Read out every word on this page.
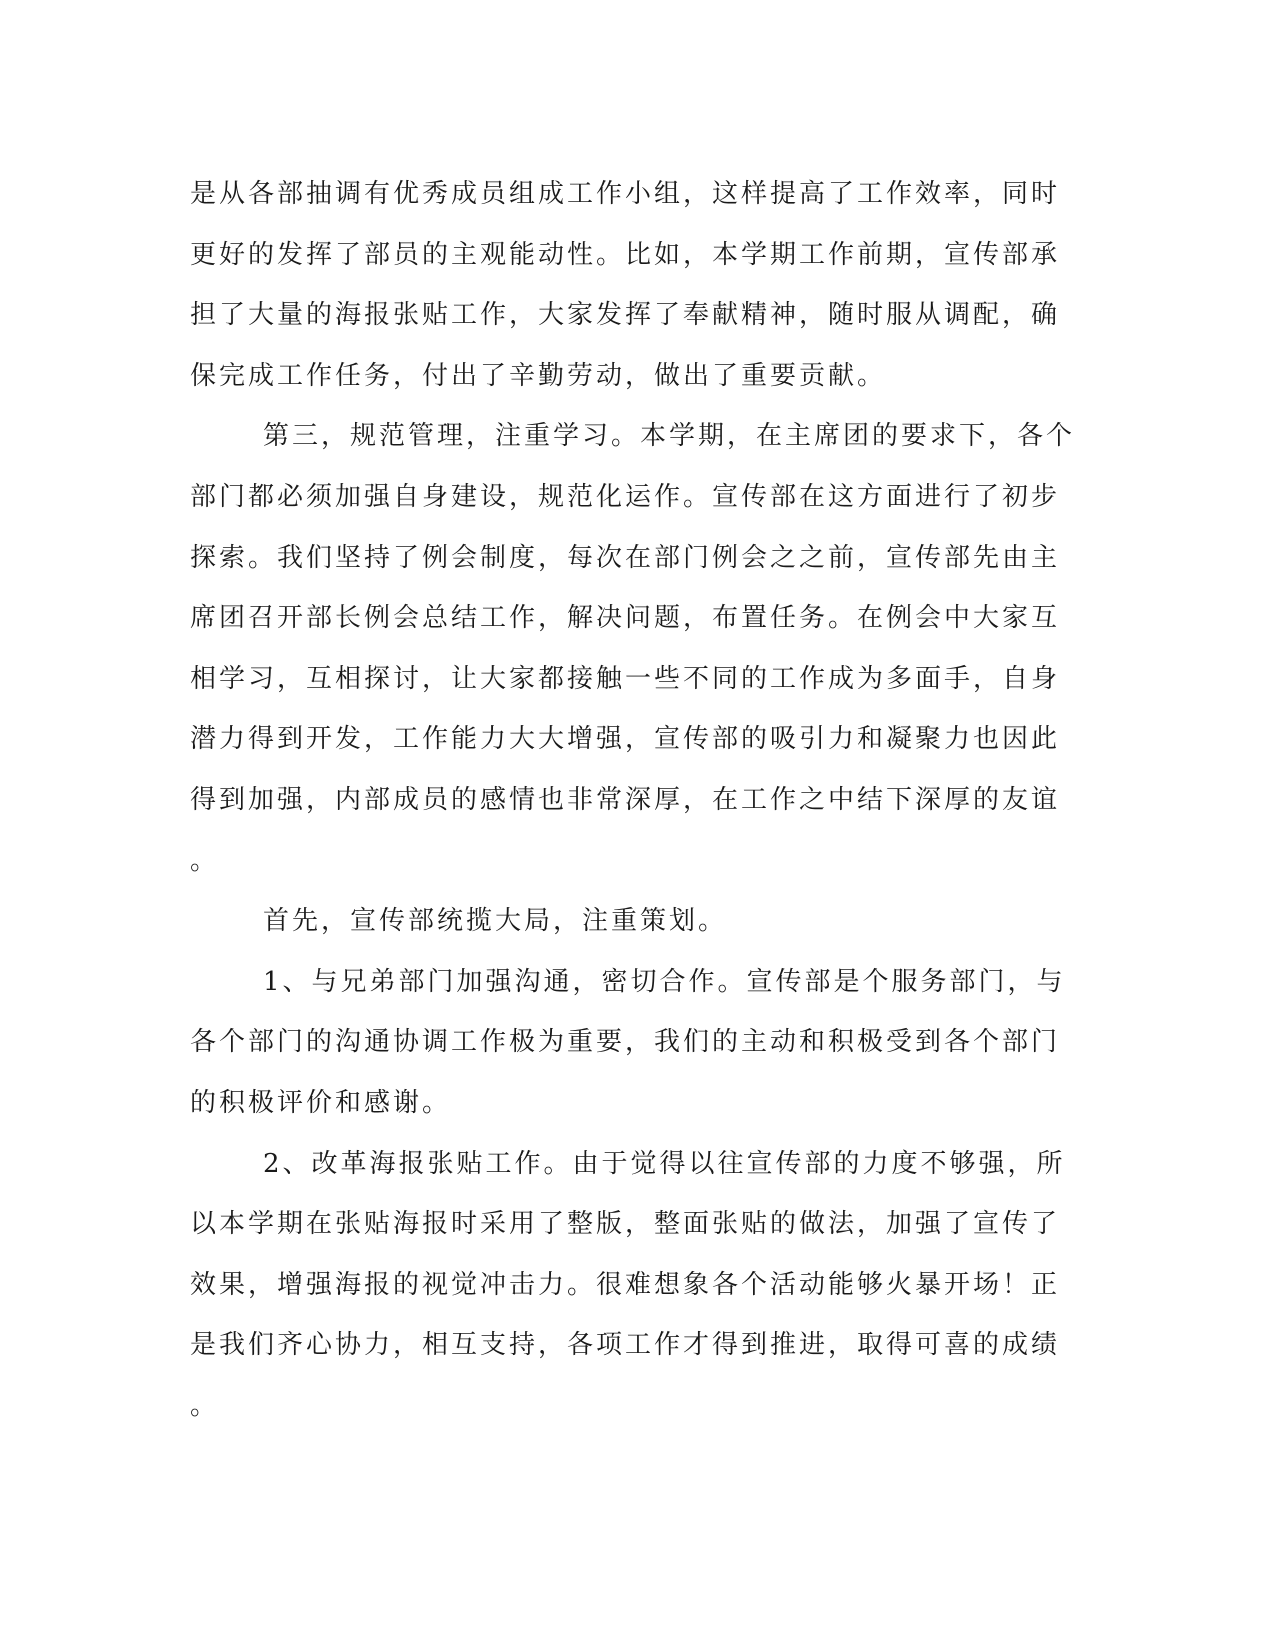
是从各部抽调有优秀成员组成工作小组，这样提高了工作效率，同时
更好的发挥了部员的主观能动性。比如，本学期工作前期，宣传部承
担了大量的海报张贴工作，大家发挥了奉献精神，随时服从调配，确
保完成工作任务，付出了辛勤劳动，做出了重要贡献。
第三，规范管理，注重学习。本学期，在主席团的要求下，各个
部门都必须加强自身建设，规范化运作。宣传部在这方面进行了初步
探索。我们坚持了例会制度，每次在部门例会之之前，宣传部先由主
席团召开部长例会总结工作，解决问题，布置任务。在例会中大家互
相学习，互相探讨，让大家都接触一些不同的工作成为多面手，自身
潜力得到开发，工作能力大大增强，宣传部的吸引力和凝聚力也因此
得到加强，内部成员的感情也非常深厚，在工作之中结下深厚的友谊
。
首先，宣传部统揽大局，注重策划。
1、与兄弟部门加强沟通，密切合作。宣传部是个服务部门，与
各个部门的沟通协调工作极为重要，我们的主动和积极受到各个部门
的积极评价和感谢。
2、改革海报张贴工作。由于觉得以往宣传部的力度不够强，所
以本学期在张贴海报时采用了整版，整面张贴的做法，加强了宣传了
效果，增强海报的视觉冲击力。很难想象各个活动能够火暴开场！正
是我们齐心协力，相互支持，各项工作才得到推进，取得可喜的成绩
。
